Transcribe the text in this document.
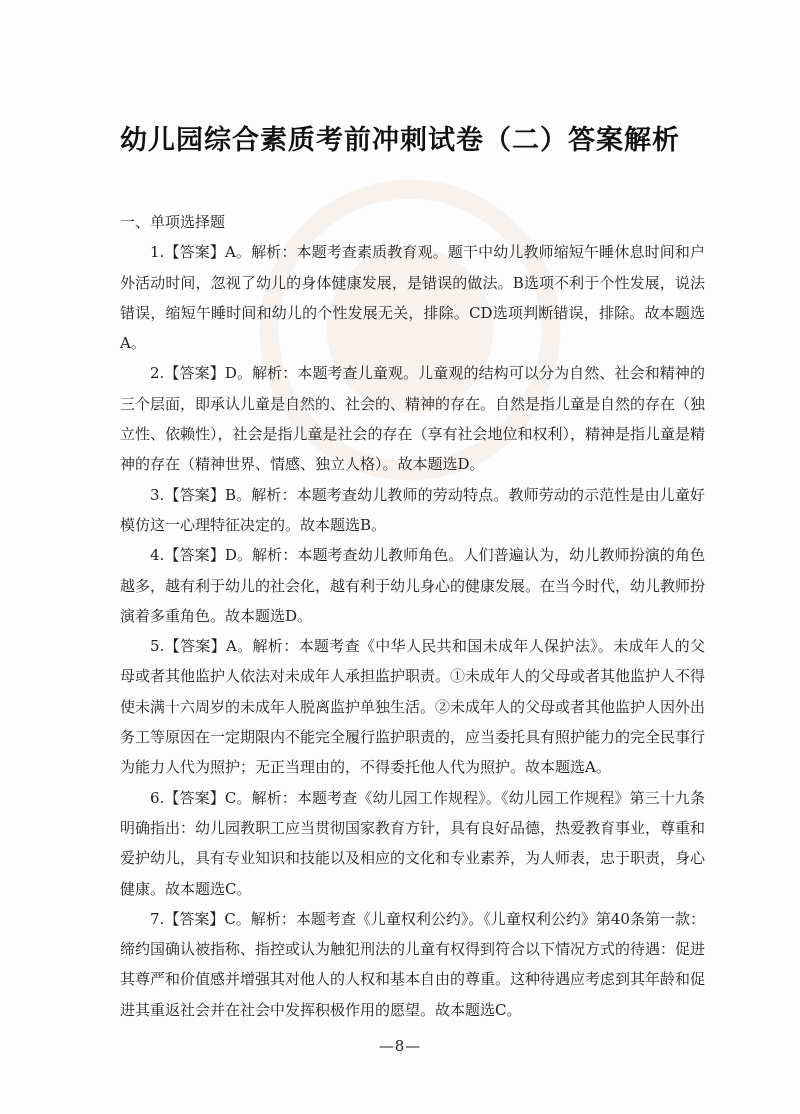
幼儿园综合素质考前冲刺试卷（二）答案解析
一、单项选择题

1.【答案】A。解析：本题考查素质教育观。题干中幼儿教师缩短午睡休息时间和户外活动时间，忽视了幼儿的身体健康发展，是错误的做法。B选项不利于个性发展，说法错误，缩短午睡时间和幼儿的个性发展无关，排除。CD选项判断错误，排除。故本题选A。

2.【答案】D。解析：本题考查儿童观。儿童观的结构可以分为自然、社会和精神的三个层面，即承认儿童是自然的、社会的、精神的存在。自然是指儿童是自然的存在（独立性、依赖性），社会是指儿童是社会的存在（享有社会地位和权利），精神是指儿童是精神的存在（精神世界、情感、独立人格）。故本题选D。

3.【答案】B。解析：本题考查幼儿教师的劳动特点。教师劳动的示范性是由儿童好模仿这一心理特征决定的。故本题选B。

4.【答案】D。解析：本题考查幼儿教师角色。人们普遍认为，幼儿教师扮演的角色越多，越有利于幼儿的社会化，越有利于幼儿身心的健康发展。在当今时代，幼儿教师扮演着多重角色。故本题选D。

5.【答案】A。解析：本题考查《中华人民共和国未成年人保护法》。未成年人的父母或者其他监护人依法对未成年人承担监护职责。①未成年人的父母或者其他监护人不得使未满十六周岁的未成年人脱离监护单独生活。②未成年人的父母或者其他监护人因外出务工等原因在一定期限内不能完全履行监护职责的，应当委托具有照护能力的完全民事行为能力人代为照护；无正当理由的，不得委托他人代为照护。故本题选A。

6.【答案】C。解析：本题考查《幼儿园工作规程》。《幼儿园工作规程》第三十九条明确指出：幼儿园教职工应当贯彻国家教育方针，具有良好品德，热爱教育事业，尊重和爱护幼儿，具有专业知识和技能以及相应的文化和专业素养，为人师表，忠于职责，身心健康。故本题选C。

7.【答案】C。解析：本题考查《儿童权利公约》。《儿童权利公约》第40条第一款：缔约国确认被指称、指控或认为触犯刑法的儿童有权得到符合以下情况方式的待遇：促进其尊严和价值感并增强其对他人的人权和基本自由的尊重。这种待遇应考虑到其年龄和促进其重返社会并在社会中发挥积极作用的愿望。故本题选C。

—8—
